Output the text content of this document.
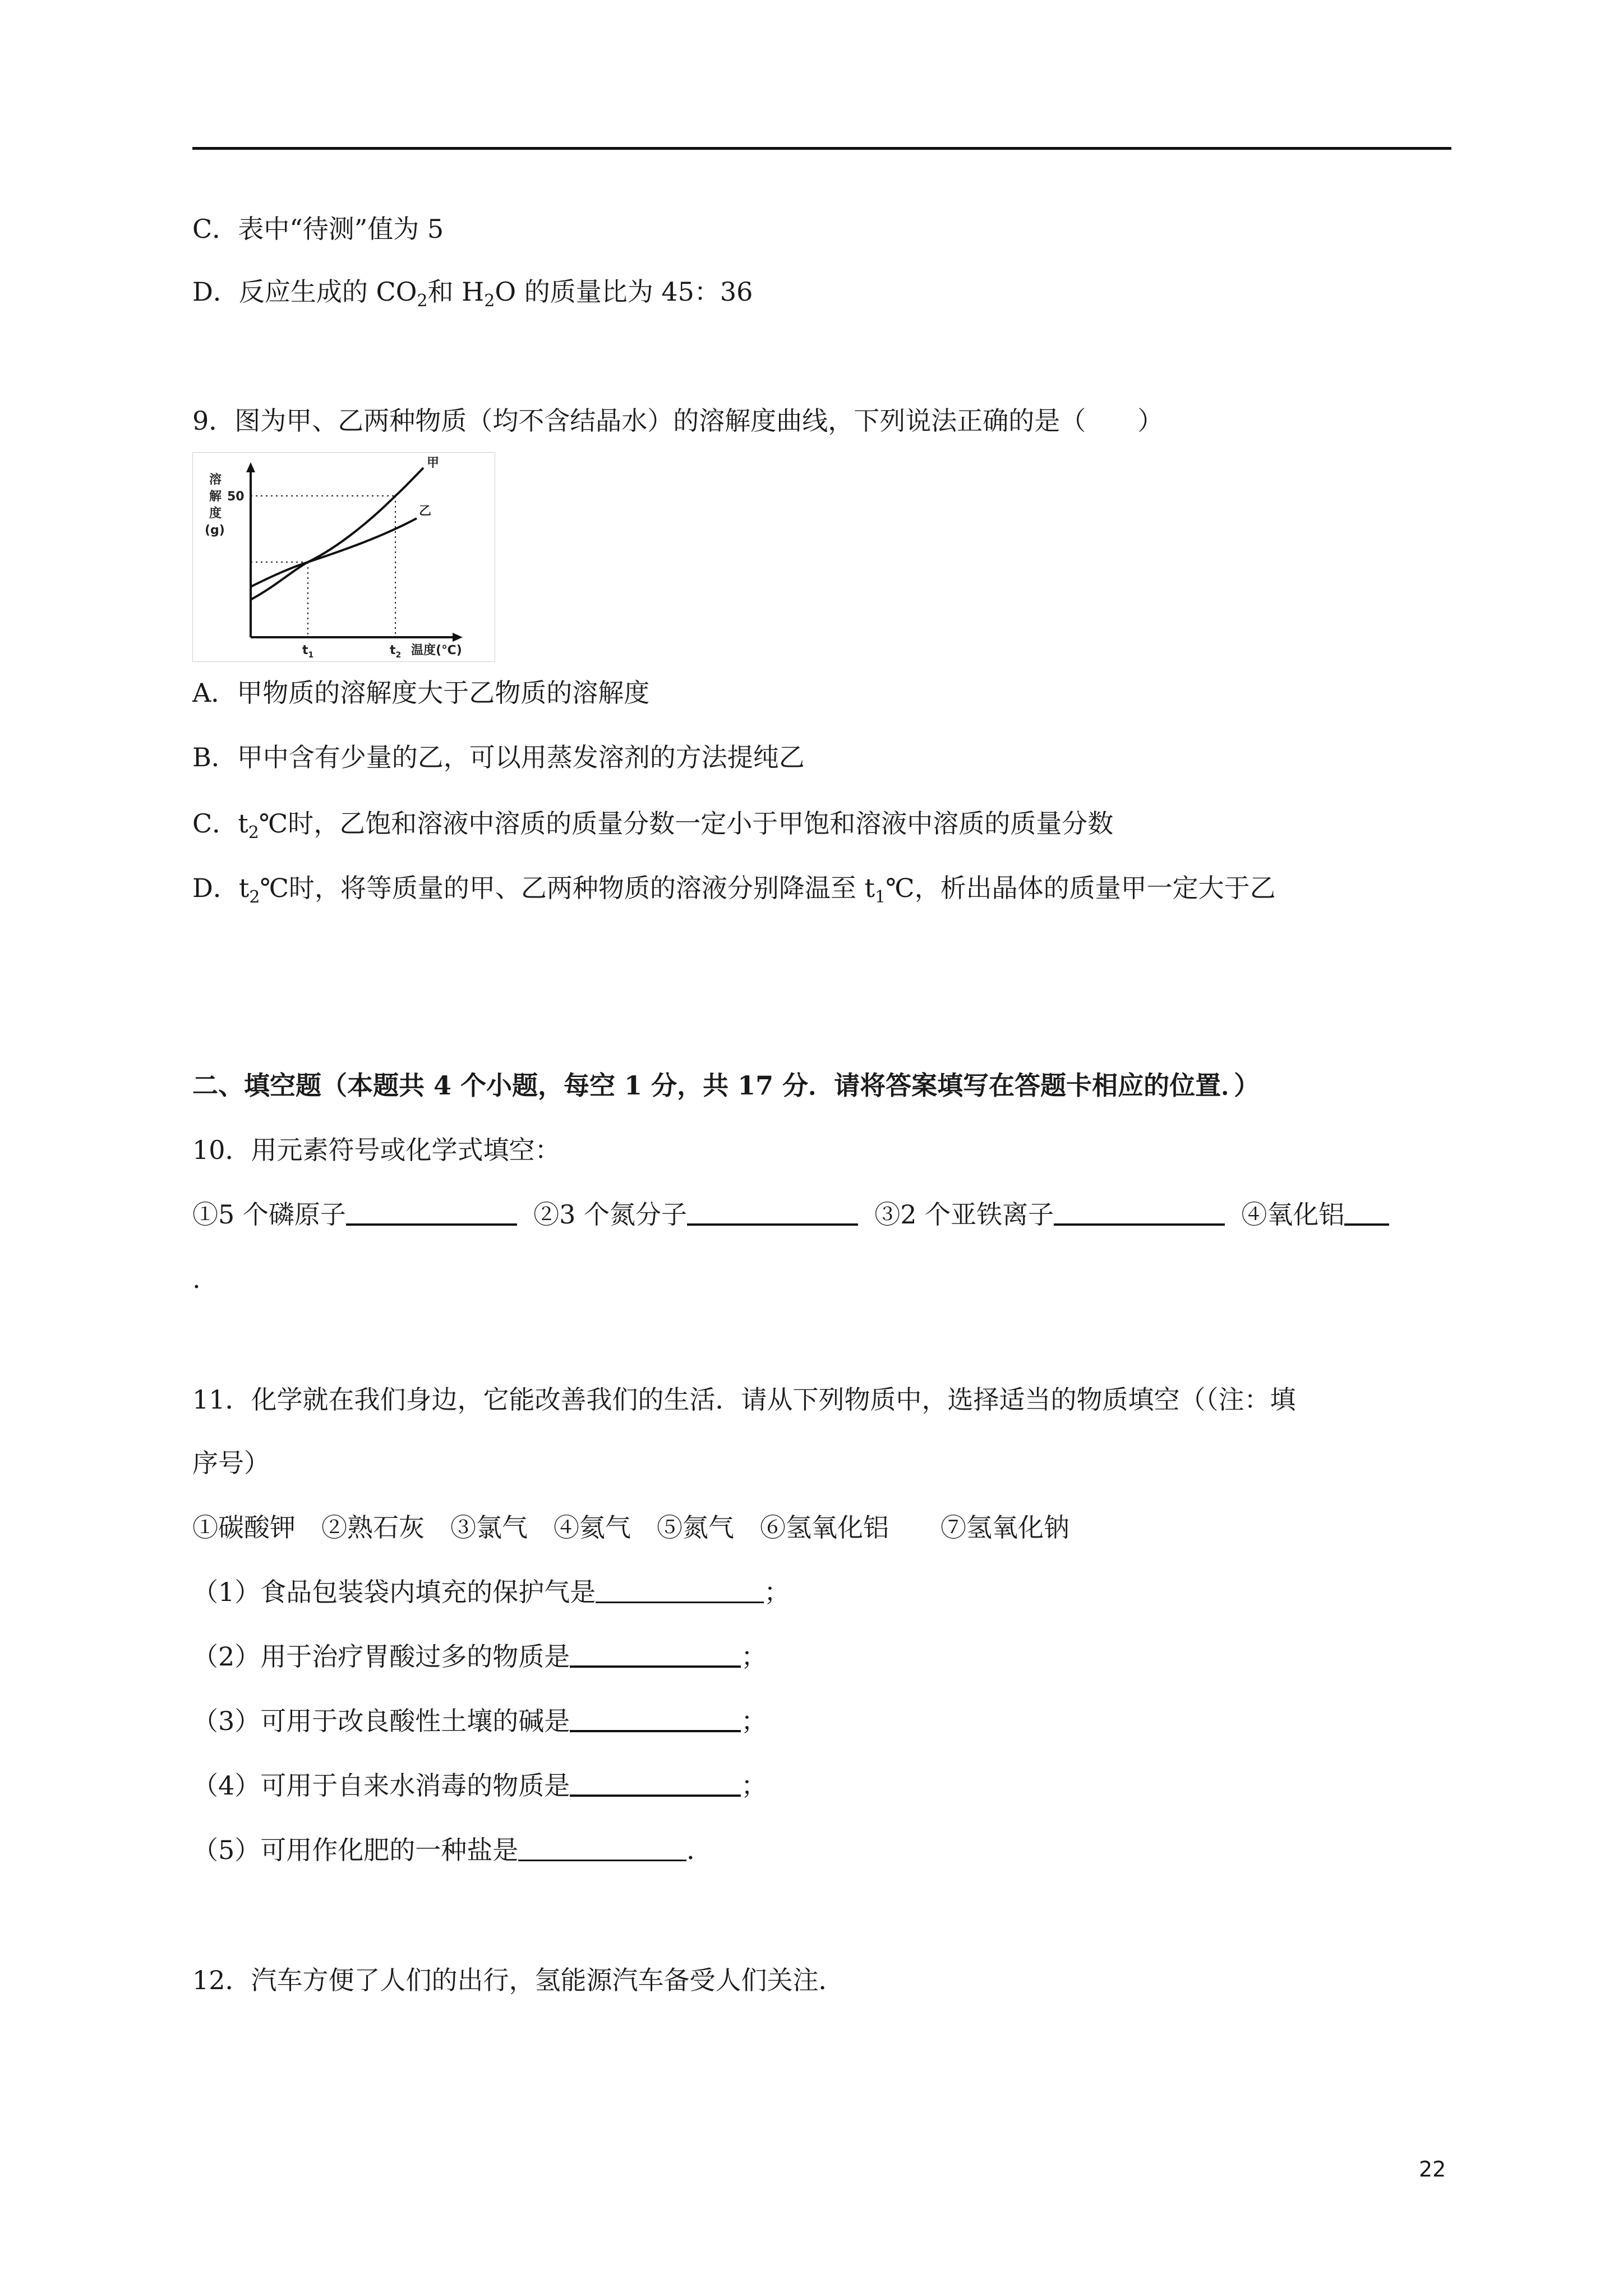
C．表中“待测”值为 5
D．反应生成的 $CO_2$和 $H_2O$ 的质量比为 45：36
9．图为甲、乙两种物质（均不含结晶水）的溶解度曲线，下列说法正确的是（　　）
溶
解
度
(g)
50
甲
乙
$t_1$	$t_2$ 温度(℃)
A．甲物质的溶解度大于乙物质的溶解度
B．甲中含有少量的乙，可以用蒸发溶剂的方法提纯乙
C．$t_2℃$时，乙饱和溶液中溶质的质量分数一定小于甲饱和溶液中溶质的质量分数
D．$t_2℃$时，将等质量的甲、乙两种物质的溶液分别降温至 $t_1℃$，析出晶体的质量甲一定大于乙
二、填空题（本题共 4 个小题，每空 1 分，共 17 分．请将答案填写在答题卡相应的位置．）
10．用元素符号或化学式填空：
①5 个磷原子	②3 个氮分子	③2 个亚铁离子	④氧化铝
.
11．化学就在我们身边，它能改善我们的生活．请从下列物质中，选择适当的物质填空（（注：填
序号）
①碳酸钾　②熟石灰　③氯气　④氦气　⑤氮气　⑥氢氧化铝　　⑦氢氧化钠
（1）食品包装袋内填充的保护气是	；
（2）用于治疗胃酸过多的物质是	；
（3）可用于改良酸性土壤的碱是	；
（4）可用于自来水消毒的物质是	；
（5）可用作化肥的一种盐是	．
12．汽车方便了人们的出行，氢能源汽车备受人们关注．
22
